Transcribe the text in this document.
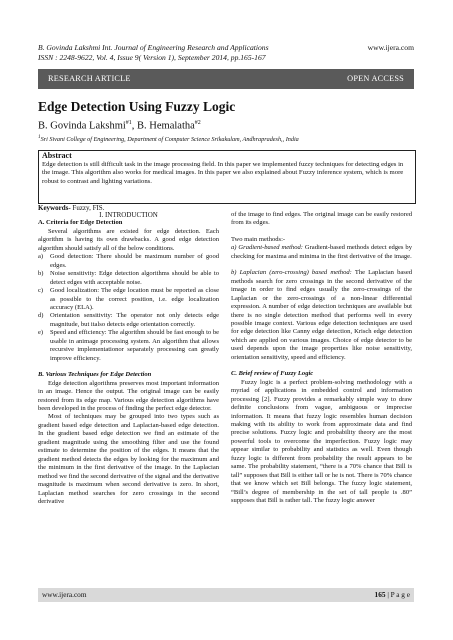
B. Govinda Lakshmi Int. Journal of Engineering Research and Applications
ISSN : 2248-9622, Vol. 4, Issue 9( Version 1), September 2014, pp.165-167
www.ijera.com
RESEARCH ARTICLE	OPEN ACCESS
Edge Detection Using Fuzzy Logic
B. Govinda Lakshmi$^{\#1}$, B. Hemalatha$^{\#2}$
$^1$Sri Sivani College of Engineering, Department of Computer Science Srikakulam, Andhrapradesh,, India
Abstract
Edge detection is still difficult task in the image processing field. In this paper we implemented fuzzy techniques for detecting edges in the image. This algorithm also works for medical images. In this paper we also explained about Fuzzy inference system, which is more robust to contrast and lighting variations.
Keywords- Fuzzy, FIS.

I. INTRODUCTION

A. Criteria for Edge Detection

Several algorithms are existed for edge detection. Each algorithm is having its own drawbacks. A good edge detection algorithm should satisfy all of the below conditions.

a)	Good detection: There should be maximum number of good edges.
b) Noise sensitivity: Edge detection algorithms should be able to detect edges with acceptable noise.
c)	Good localization: The edge location must be reported as close as possible to the correct position, i.e. edge localization accuracy (ELA).
d) Orientation sensitivity: The operator not only detects edge magnitude, but italso detects edge orientation correctly.
e)	Speed and efficiency: The algorithm should be fast enough to be usable in animage processing system. An algorithm that allows recursive implementationor separately processing can greatly improve efficiency.

B. Various Techniques for Edge Detection

Edge detection algorithms preserves most important information in an image. Hence the output. The original image can be easily restored from its edge map. Various edge detection algorithms have been developed in the process of finding the perfect edge detector.

Most of techniques may be grouped into two types such as gradient based edge detection and Laplacian-based edge detection. In the gradient based edge detection we find an estimate of the gradient magnitude using the smoothing filter and use the found estimate to determine the position of the edges. It means that the gradient method detects the edges by looking for the maximum and the minimum in the first derivative of the image. In the Laplacian method we find the second derivative of the signal and the derivative magnitude is maximum when second derivative is zero. In short, Laplacian method searches for zero crossings in the second derivative

of the image to find edges. The original image can be easily restored from its edges.

Two main methods:-

a) Gradient-based method: Gradient-based methods detect edges by checking for maxima and minima in the first derivative of the image.

b) Laplacian (zero-crossing) based method: The Laplacian based methods search for zero crossings in the second derivative of the image in order to find edges usually the zero-crossings of the Laplacian or the zero-crossings of a non-linear differential expression. A number of edge detection techniques are available but there is no single detection method that performs well in every possible image context. Various edge detection techniques are used for edge detection like Canny edge detection, Krisch edge detection which are applied on various images. Choice of edge detector to be used depends upon the image properties like noise sensitivity, orientation sensitivity, speed and efficiency.

C. Brief review of Fuzzy Logic

Fuzzy logic is a perfect problem-solving methodology with a myriad of applications in embedded control and information processing [2]. Fuzzy provides a remarkably simple way to draw definite conclusions from vague, ambiguous or imprecise information. It means that fuzzy logic resembles human decision making with its ability to work from approximate data and find precise solutions. Fuzzy logic and probability theory are the most powerful tools to overcome the imperfection. Fuzzy logic may appear similar to probability and statistics as well. Even though fuzzy logic is different from probability the result appears to be same. The probability statement, “there is a 70% chance that Bill is tall” supposes that Bill is either tall or he is not. There is 70% chance that we know which set Bill belongs. The fuzzy logic statement, “Bill’s degree of membership in the set of tall people is .80” supposes that Bill is rather tall. The fuzzy logic answer

www.ijera.com	165 | P a g e
